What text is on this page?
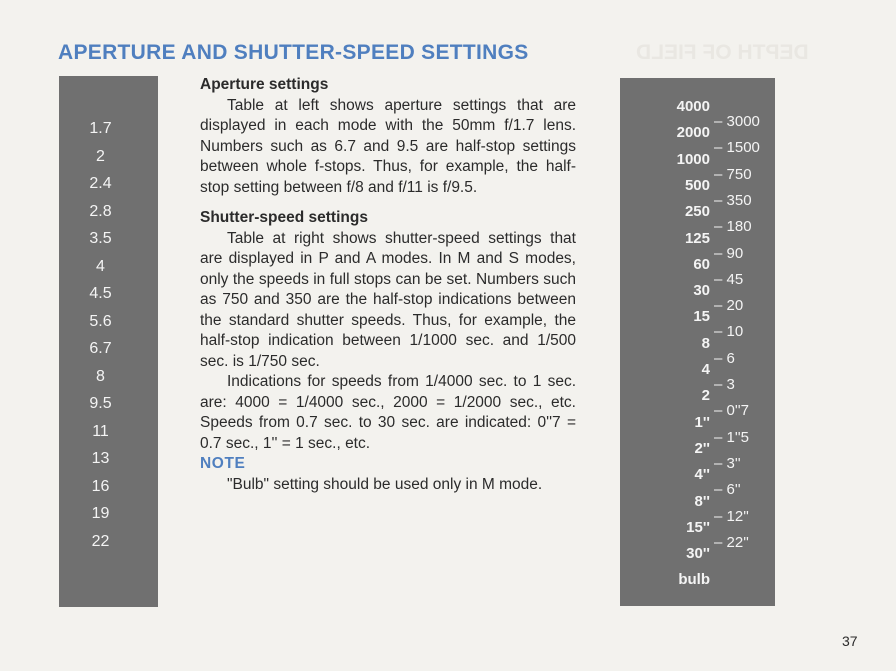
APERTURE AND SHUTTER-SPEED SETTINGS	DEPTH OF FIELD
1.7
2
2.4
2.8
3.5
4
4.5
5.6
6.7
8
9.5
11
13
16
19
22
4000
2000
1000
500
250
125
60
30
15
8
4
2
1''
2''
4''
8''
15''
30''
bulb
– 3000
– 1500
– 750
– 350
– 180
– 90
– 45
– 20
– 10
– 6
– 3
– 0''7
– 1''5
– 3''
– 6''
– 12''
– 22''
Aperture settings

Table at left shows aperture settings that are displayed in each mode with the 50mm f/1.7 lens. Numbers such as 6.7 and 9.5 are half-stop settings between whole f-stops. Thus, for example, the half-stop setting between f/8 and f/11 is f/9.5.

Shutter-speed settings

Table at right shows shutter-speed settings that are displayed in P and A modes. In M and S modes, only the speeds in full stops can be set. Numbers such as 750 and 350 are the half-stop indications between the standard shutter speeds. Thus, for example, the half-stop indication between 1/1000 sec. and 1/500 sec. is 1/750 sec.

Indications for speeds from 1/4000 sec. to 1 sec. are: 4000 = 1/4000 sec., 2000 = 1/2000 sec., etc. Speeds from 0.7 sec. to 30 sec. are indicated: 0''7 = 0.7 sec., 1'' = 1 sec., etc.

NOTE

"Bulb" setting should be used only in M mode.

37
